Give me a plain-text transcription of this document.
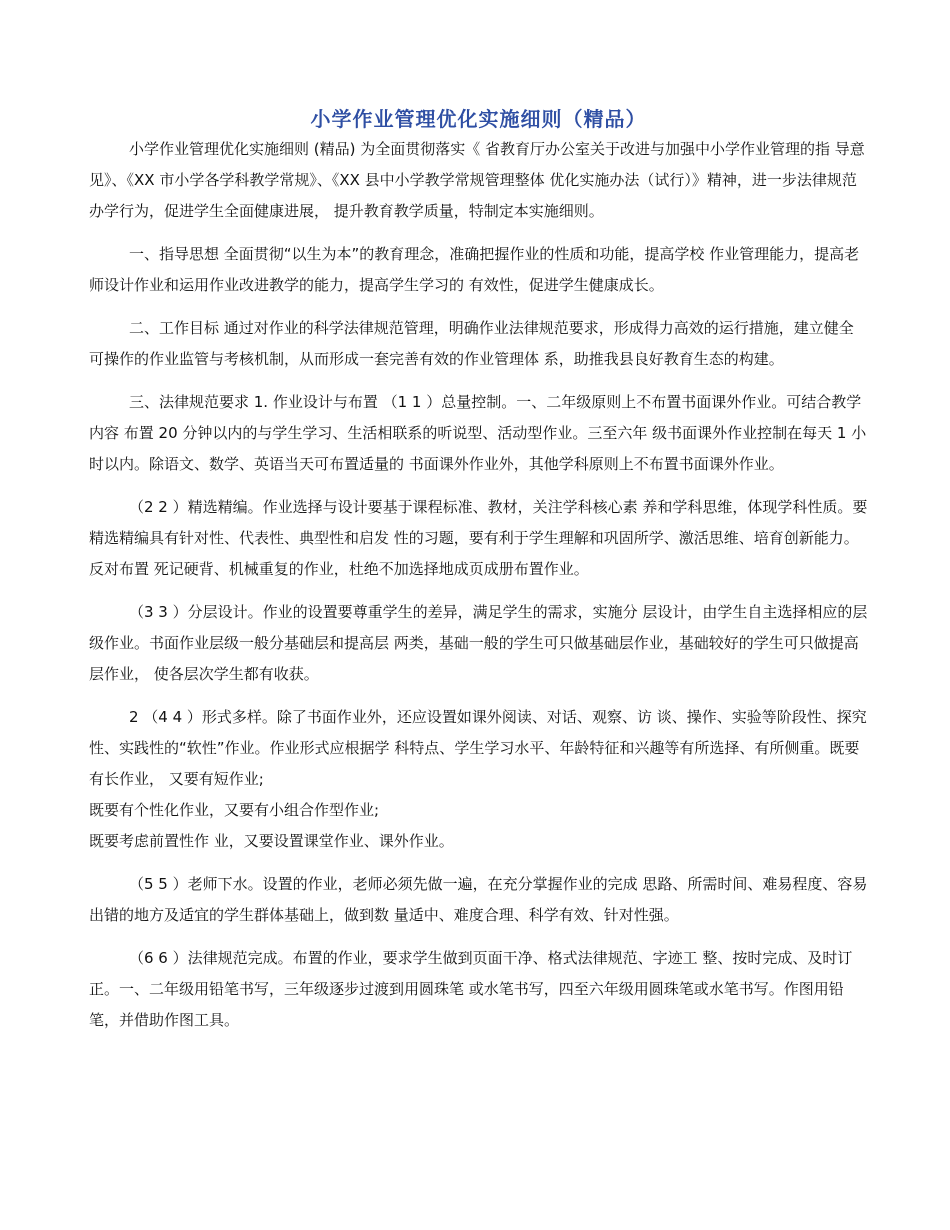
小学作业管理优化实施细则（精品）

小学作业管理优化实施细则 (精品) 为全面贯彻落实《 省教育厅办公室关于改进与加强中小学作业管理的指 导意见》、《XX 市小学各学科教学常规》、《XX 县中小学教学常规管理整体 优化实施办法（试行）》精神，进一步法律规范办学行为，促进学生全面健康进展， 提升教育教学质量，特制定本实施细则。

一、指导思想 全面贯彻“以生为本”的教育理念，准确把握作业的性质和功能，提高学校 作业管理能力，提高老师设计作业和运用作业改进教学的能力，提高学生学习的 有效性，促进学生健康成长。

二、工作目标 通过对作业的科学法律规范管理，明确作业法律规范要求，形成得力高效的运行措施，建立健全可操作的作业监管与考核机制，从而形成一套完善有效的作业管理体 系，助推我县良好教育生态的构建。

三、法律规范要求 1. 作业设计与布置 （1 1 ）总量控制。一、二年级原则上不布置书面课外作业。可结合教学内容 布置 20 分钟以内的与学生学习、生活相联系的听说型、活动型作业。三至六年 级书面课外作业控制在每天 1 小时以内。除语文、数学、英语当天可布置适量的 书面课外作业外，其他学科原则上不布置书面课外作业。

（2 2 ）精选精编。作业选择与设计要基于课程标准、教材，关注学科核心素 养和学科思维，体现学科性质。要精选精编具有针对性、代表性、典型性和启发 性的习题，要有利于学生理解和巩固所学、激活思维、培育创新能力。反对布置 死记硬背、机械重复的作业，杜绝不加选择地成页成册布置作业。

（3 3 ）分层设计。作业的设置要尊重学生的差异，满足学生的需求，实施分 层设计，由学生自主选择相应的层级作业。书面作业层级一般分基础层和提高层 两类，基础一般的学生可只做基础层作业，基础较好的学生可只做提高层作业， 使各层次学生都有收获。

2 （4 4 ）形式多样。除了书面作业外，还应设置如课外阅读、对话、观察、访 谈、操作、实验等阶段性、探究性、实践性的“软性”作业。作业形式应根据学 科特点、学生学习水平、年龄特征和兴趣等有所选择、有所侧重。既要有长作业， 又要有短作业;

既要有个性化作业，又要有小组合作型作业;

既要考虑前置性作 业，又要设置课堂作业、课外作业。

（5 5 ）老师下水。设置的作业，老师必须先做一遍，在充分掌握作业的完成 思路、所需时间、难易程度、容易出错的地方及适宜的学生群体基础上，做到数 量适中、难度合理、科学有效、针对性强。

（6 6 ）法律规范完成。布置的作业，要求学生做到页面干净、格式法律规范、字迹工 整、按时完成、及时订正。一、二年级用铅笔书写，三年级逐步过渡到用圆珠笔 或水笔书写，四至六年级用圆珠笔或水笔书写。作图用铅笔，并借助作图工具。
